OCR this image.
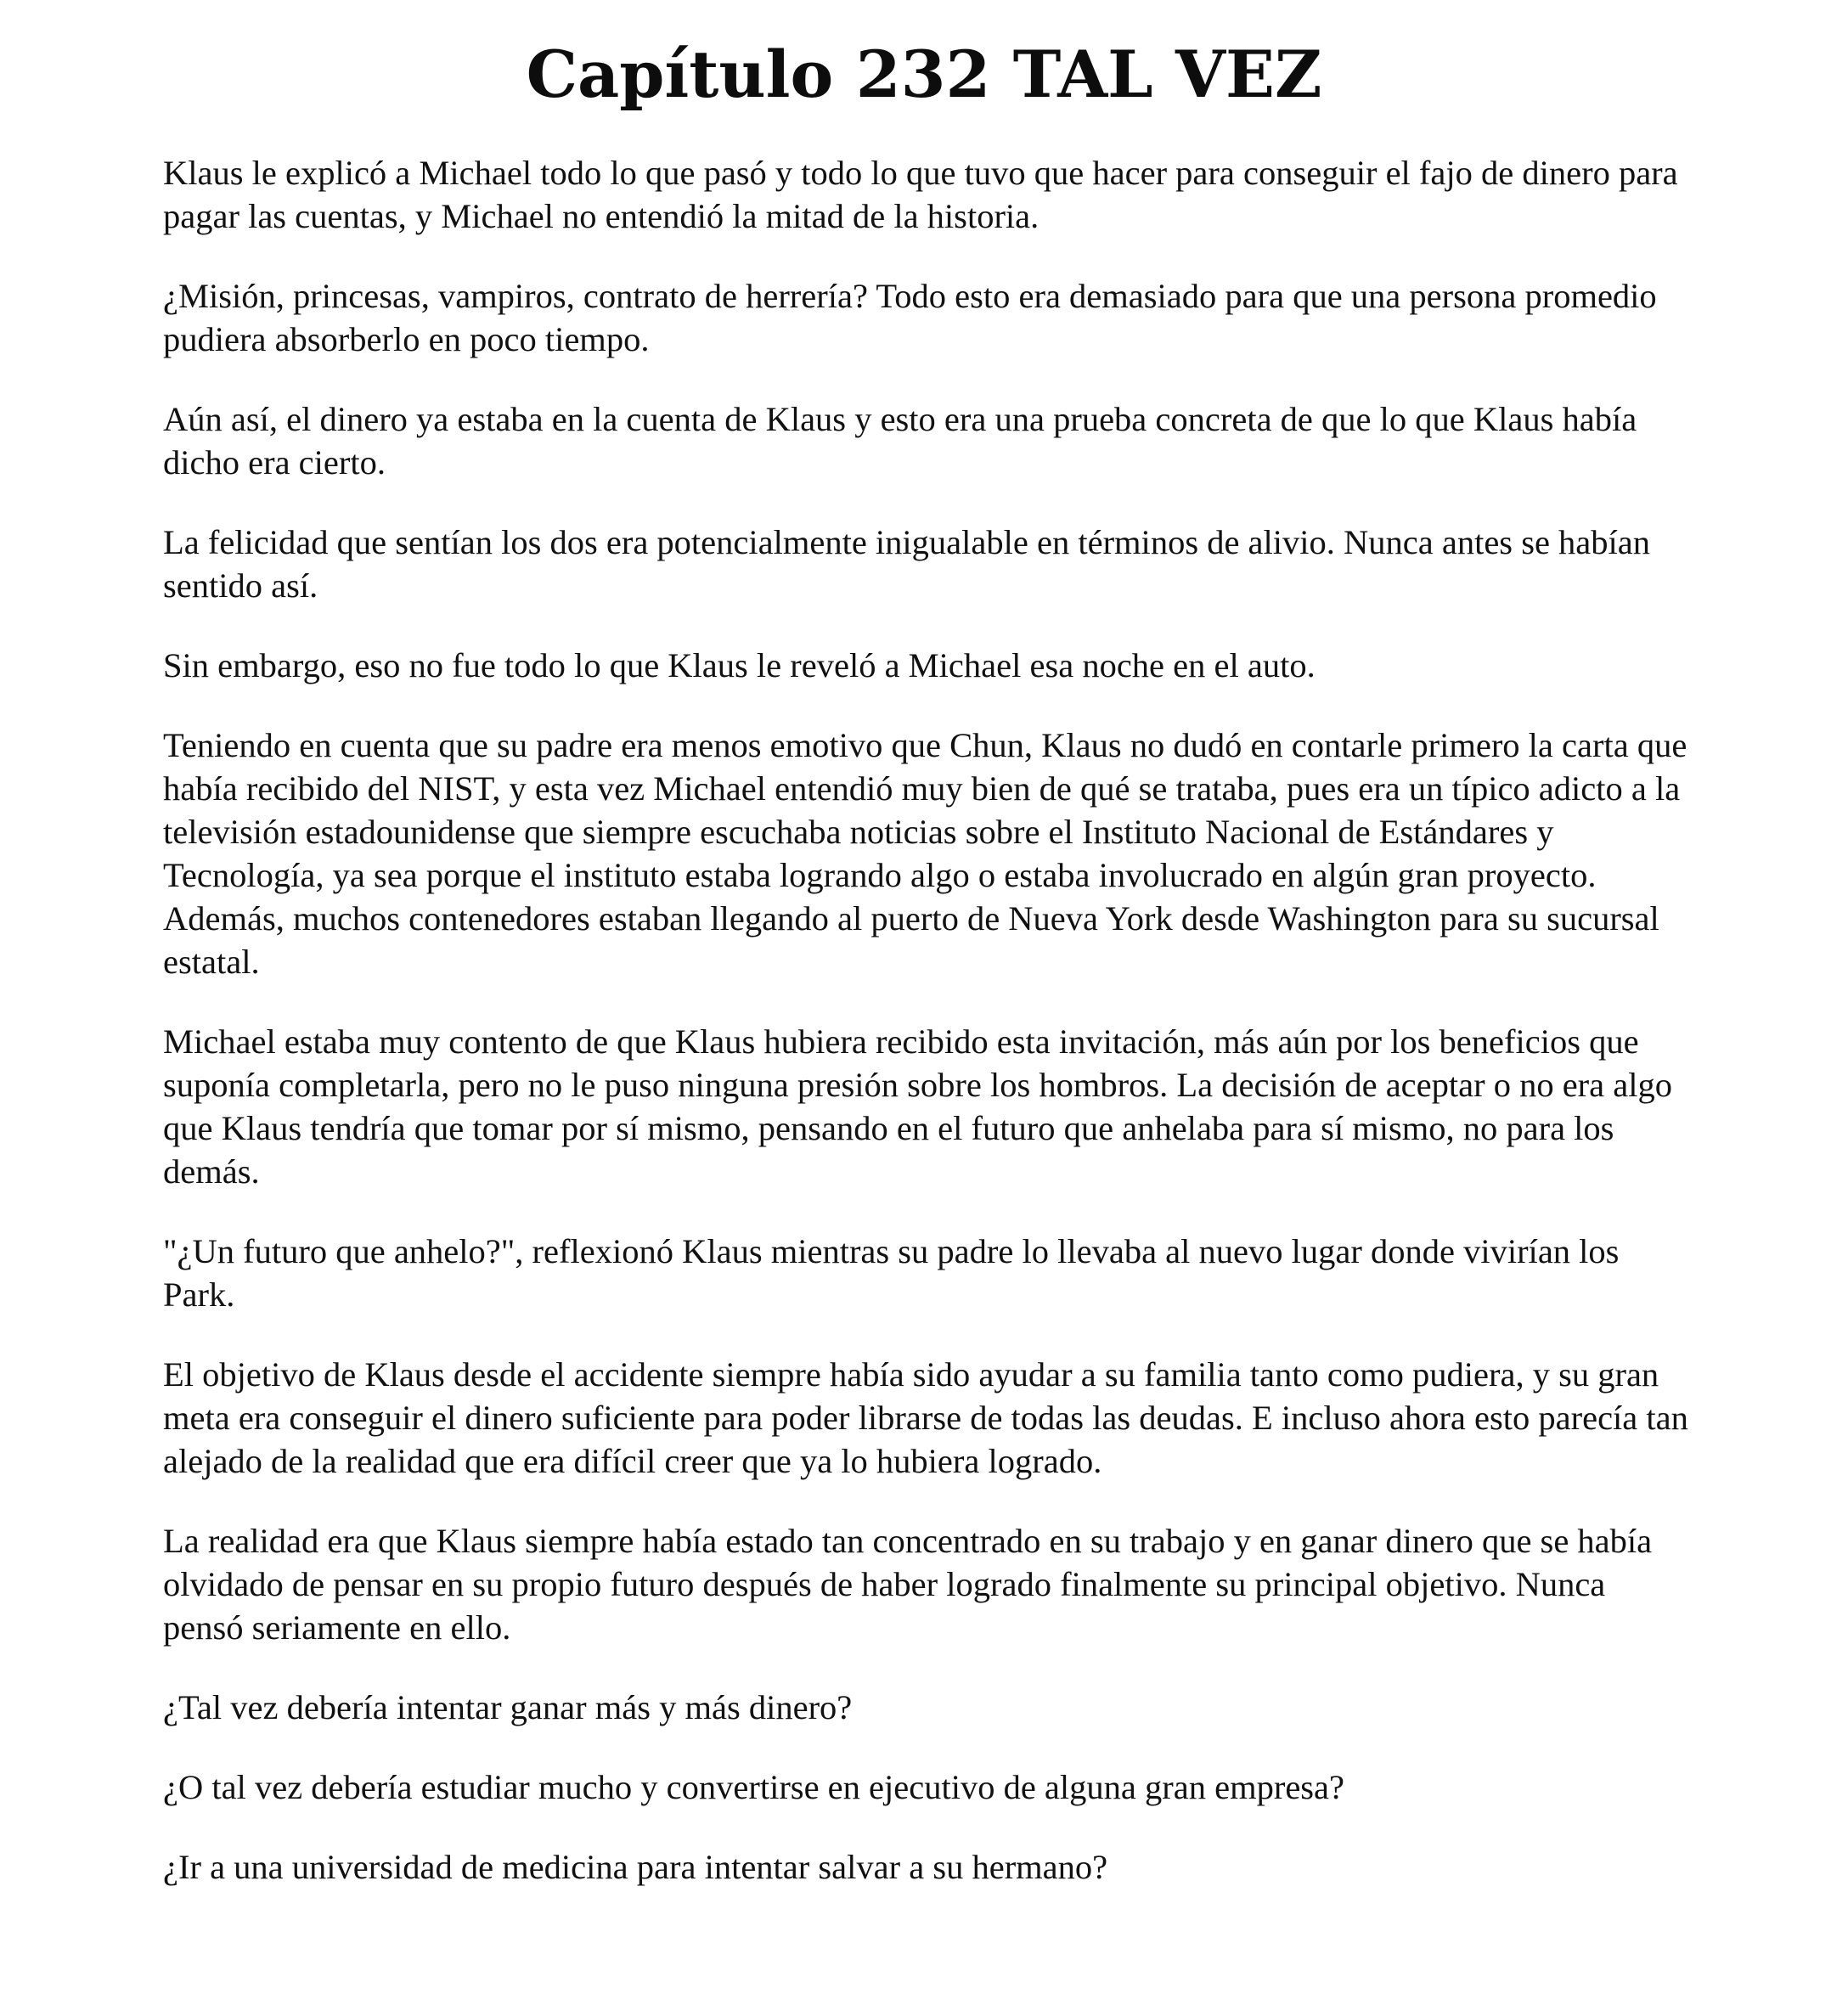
Capítulo 232 TAL VEZ

Klaus le explicó a Michael todo lo que pasó y todo lo que tuvo que hacer para conseguir el fajo de dinero para pagar las cuentas, y Michael no entendió la mitad de la historia.

¿Misión, princesas, vampiros, contrato de herrería? Todo esto era demasiado para que una persona promedio pudiera absorberlo en poco tiempo.

Aún así, el dinero ya estaba en la cuenta de Klaus y esto era una prueba concreta de que lo que Klaus había dicho era cierto.

La felicidad que sentían los dos era potencialmente inigualable en términos de alivio. Nunca antes se habían sentido así.

Sin embargo, eso no fue todo lo que Klaus le reveló a Michael esa noche en el auto.

Teniendo en cuenta que su padre era menos emotivo que Chun, Klaus no dudó en contarle primero la carta que había recibido del NIST, y esta vez Michael entendió muy bien de qué se trataba, pues era un típico adicto a la televisión estadounidense que siempre escuchaba noticias sobre el Instituto Nacional de Estándares y Tecnología, ya sea porque el instituto estaba logrando algo o estaba involucrado en algún gran proyecto. Además, muchos contenedores estaban llegando al puerto de Nueva York desde Washington para su sucursal estatal.

Michael estaba muy contento de que Klaus hubiera recibido esta invitación, más aún por los beneficios que suponía completarla, pero no le puso ninguna presión sobre los hombros. La decisión de aceptar o no era algo que Klaus tendría que tomar por sí mismo, pensando en el futuro que anhelaba para sí mismo, no para los demás.

"¿Un futuro que anhelo?", reflexionó Klaus mientras su padre lo llevaba al nuevo lugar donde vivirían los Park.

El objetivo de Klaus desde el accidente siempre había sido ayudar a su familia tanto como pudiera, y su gran meta era conseguir el dinero suficiente para poder librarse de todas las deudas. E incluso ahora esto parecía tan alejado de la realidad que era difícil creer que ya lo hubiera logrado.

La realidad era que Klaus siempre había estado tan concentrado en su trabajo y en ganar dinero que se había olvidado de pensar en su propio futuro después de haber logrado finalmente su principal objetivo. Nunca pensó seriamente en ello.

¿Tal vez debería intentar ganar más y más dinero?

¿O tal vez debería estudiar mucho y convertirse en ejecutivo de alguna gran empresa?

¿Ir a una universidad de medicina para intentar salvar a su hermano?
